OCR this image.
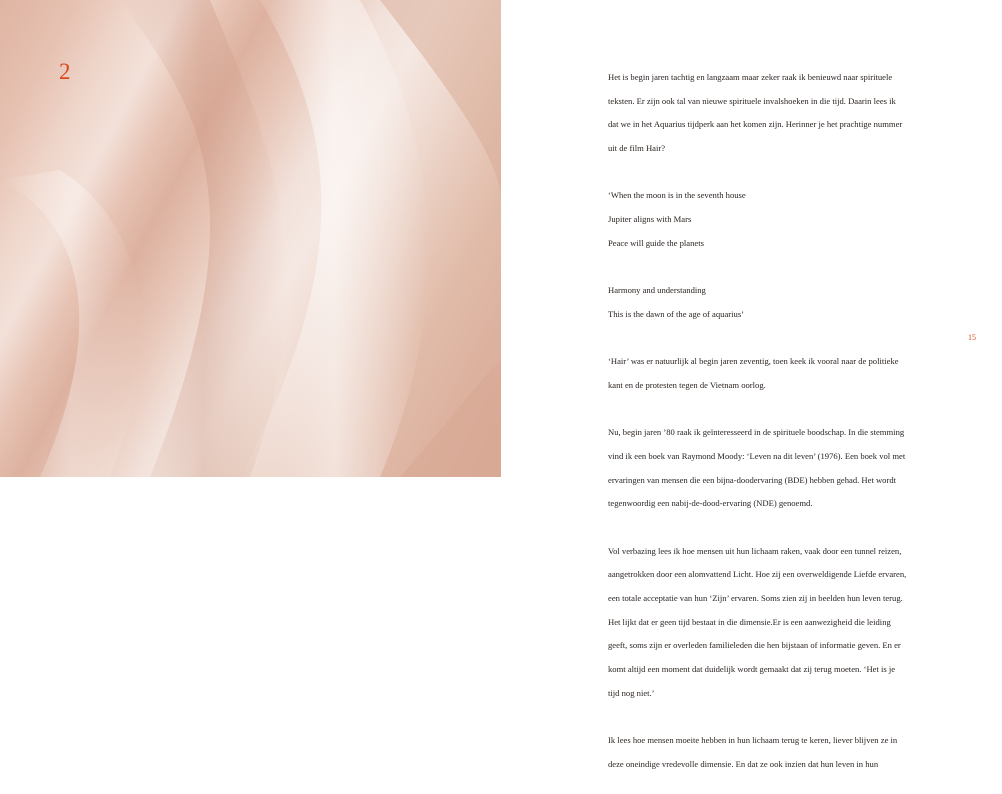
2	Het is begin jaren tachtig en langzaam maar zeker raak ik benieuwd naar spirituele

teksten. Er zijn ook tal van nieuwe spirituele invalshoeken in die tijd. Daarin lees ik

dat we in het Aquarius tijdperk aan het komen zijn. Herinner je het prachtige nummer

uit de film Hair?

‘When the moon is in the seventh house

Jupiter aligns with Mars

Peace will guide the planets

Harmony and understanding

This is the dawn of the age of aquarius’

‘Hair’ was er natuurlijk al begin jaren zeventig, toen keek ik vooral naar de politieke

kant en de protesten tegen de Vietnam oorlog.

Nu, begin jaren ’80 raak ik geïnteresseerd in de spirituele boodschap. In die stemming

vind ik een boek van Raymond Moody: ‘Leven na dit leven’ (1976). Een boek vol met

ervaringen van mensen die een bijna-doodervaring (BDE) hebben gehad. Het wordt

tegenwoordig een nabij-de-dood-ervaring (NDE) genoemd.

Vol verbazing lees ik hoe mensen uit hun lichaam raken, vaak door een tunnel reizen,

aangetrokken door een alomvattend Licht. Hoe zij een overweldigende Liefde ervaren,

een totale acceptatie van hun ‘Zijn’ ervaren. Soms zien zij in beelden hun leven terug.

Het lijkt dat er geen tijd bestaat in die dimensie.Er is een aanwezigheid die leiding

geeft, soms zijn er overleden familieleden die hen bijstaan of informatie geven. En er

komt altijd een moment dat duidelijk wordt gemaakt dat zij terug moeten. ‘Het is je

tijd nog niet.’

Ik lees hoe mensen moeite hebben in hun lichaam terug te keren, liever blijven ze in

deze oneindige vredevolle dimensie. En dat ze ook inzien dat hun leven in hun

15
